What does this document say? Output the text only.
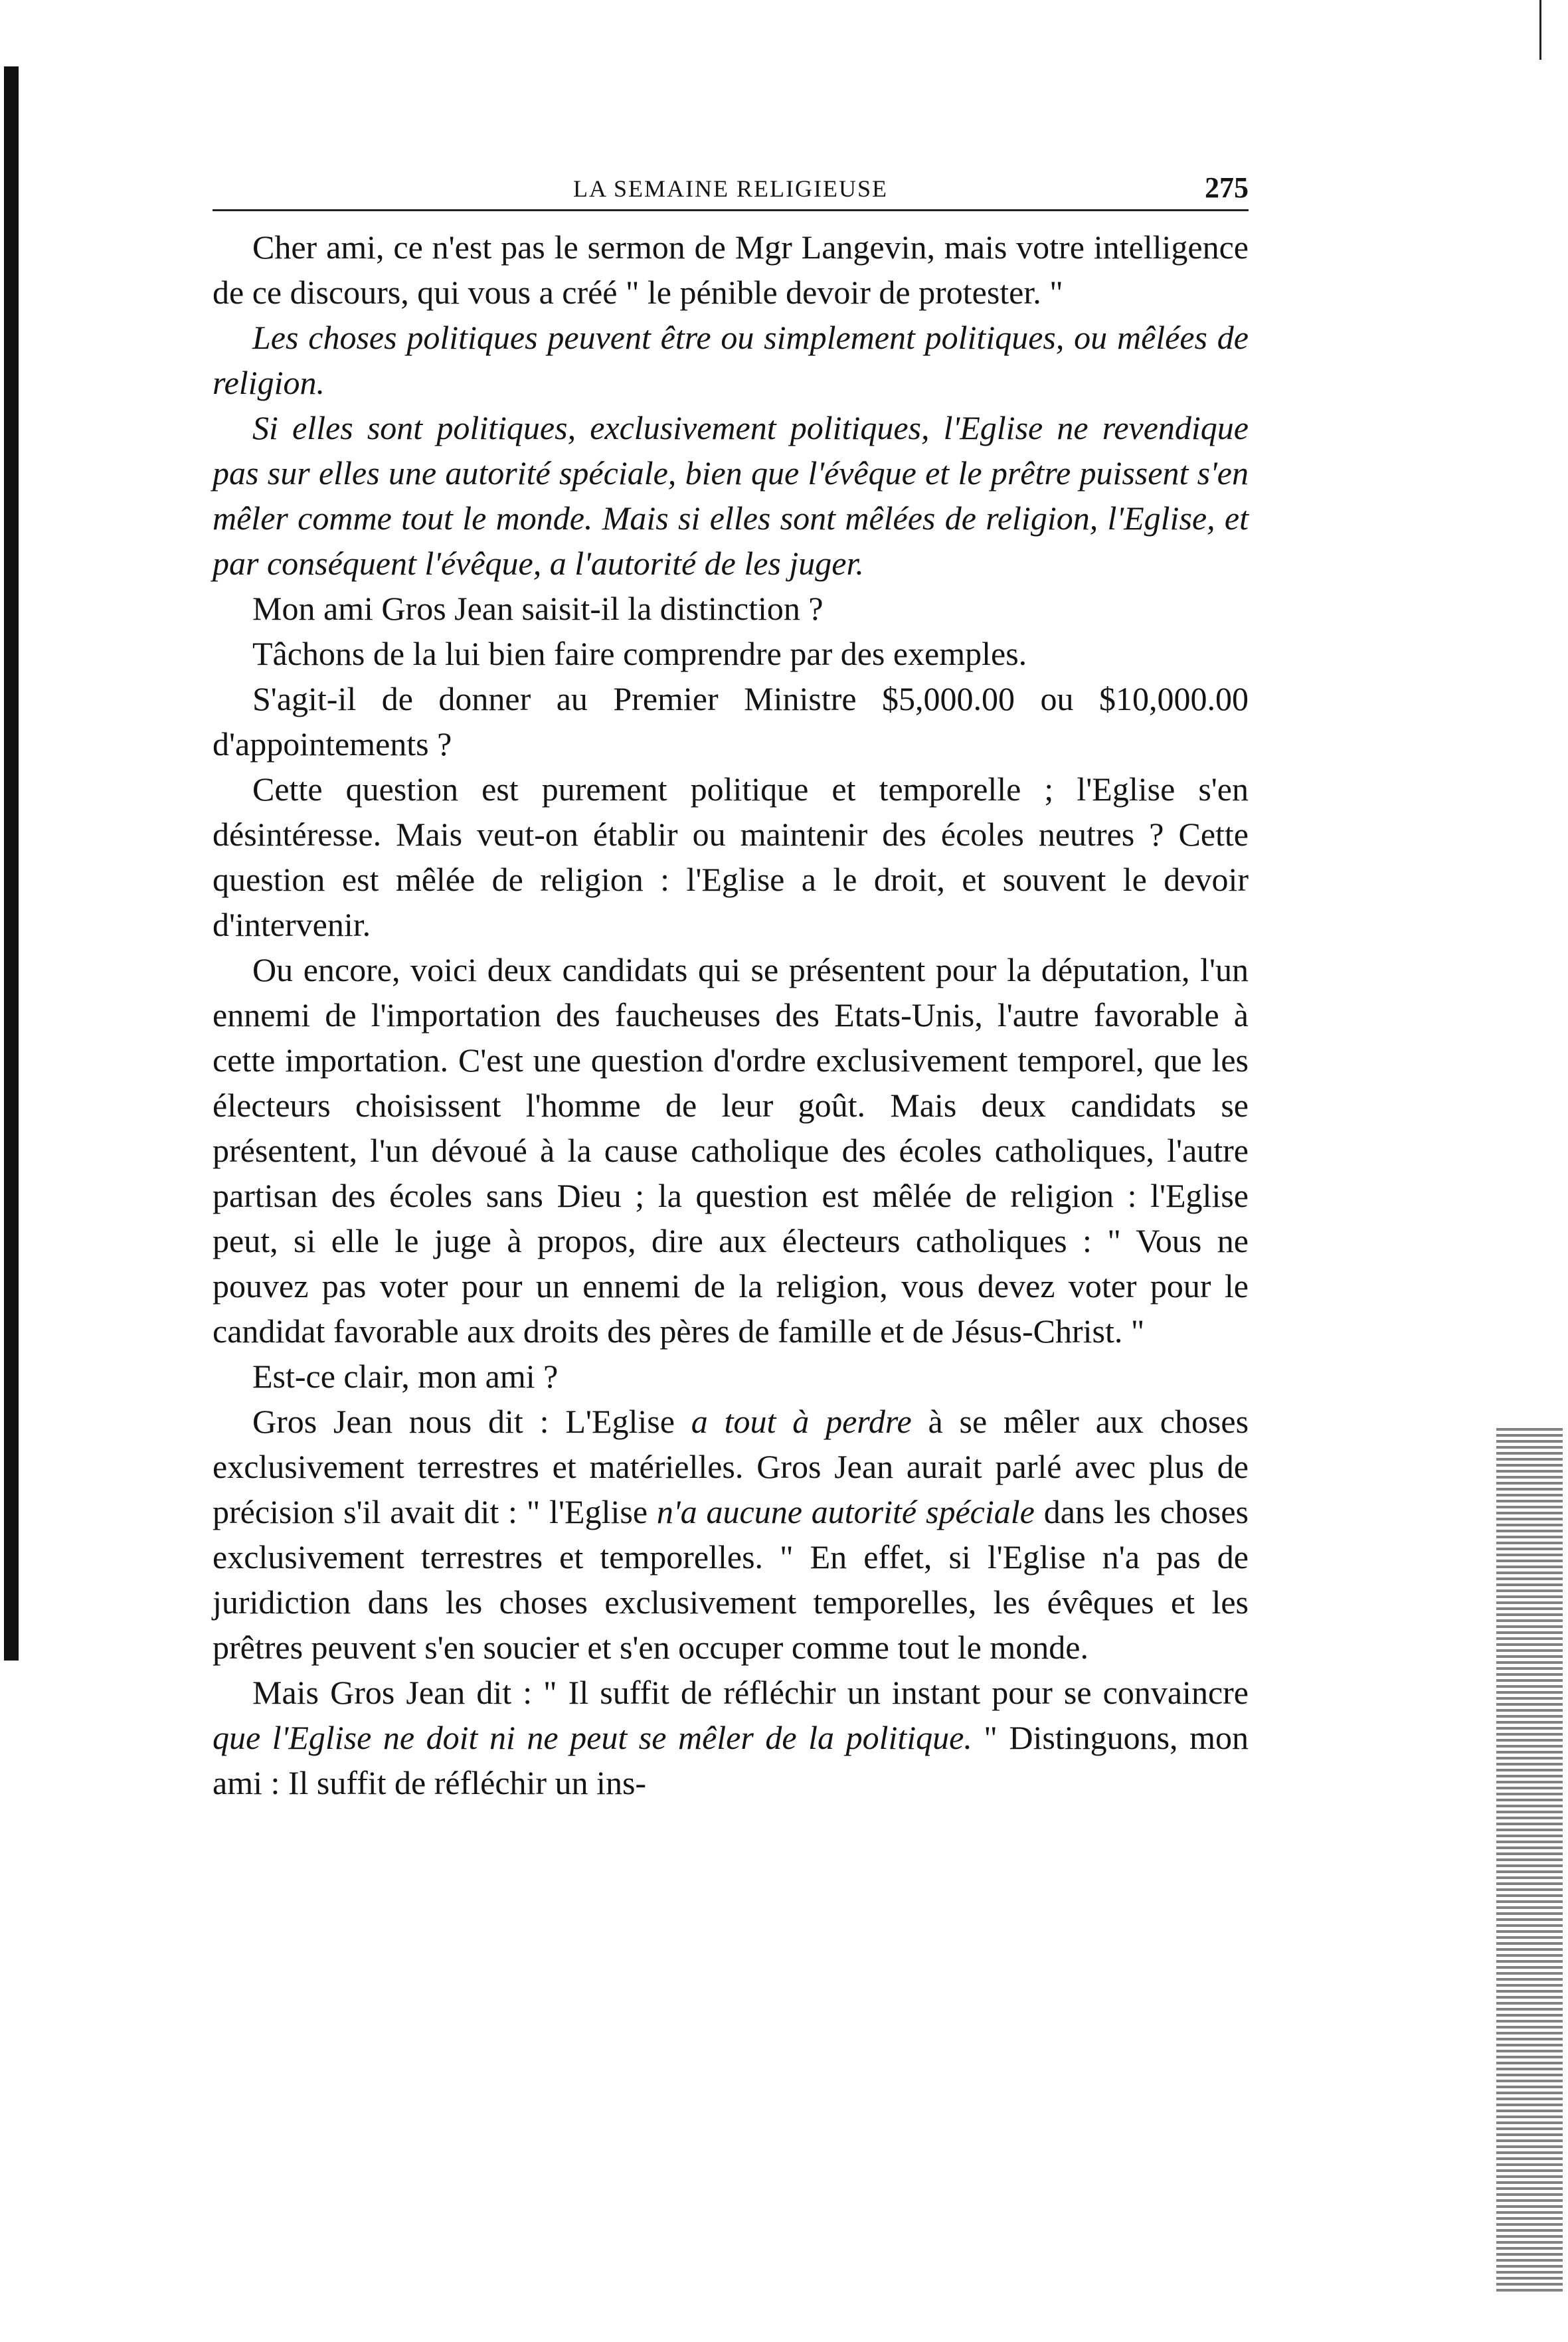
LA SEMAINE RELIGIEUSE	275

Cher ami, ce n'est pas le sermon de Mgr Langevin, mais votre intelligence de ce discours, qui vous a créé " le pénible devoir de protester. "

Les choses politiques peuvent être ou simplement politiques, ou mêlées de religion.

Si elles sont politiques, exclusivement politiques, l'Eglise ne revendique pas sur elles une autorité spéciale, bien que l'évêque et le prêtre puissent s'en mêler comme tout le monde. Mais si elles sont mêlées de religion, l'Eglise, et par conséquent l'évêque, a l'autorité de les juger.

Mon ami Gros Jean saisit-il la distinction ?

Tâchons de la lui bien faire comprendre par des exemples.

S'agit-il de donner au Premier Ministre $5,000.00 ou $10,000.00 d'appointements ?

Cette question est purement politique et temporelle ; l'Eglise s'en désintéresse. Mais veut-on établir ou maintenir des écoles neutres ? Cette question est mêlée de religion : l'Eglise a le droit, et souvent le devoir d'intervenir.

Ou encore, voici deux candidats qui se présentent pour la députation, l'un ennemi de l'importation des faucheuses des Etats-Unis, l'autre favorable à cette importation. C'est une question d'ordre exclusivement temporel, que les électeurs choisissent l'homme de leur goût. Mais deux candidats se présentent, l'un dévoué à la cause catholique des écoles catholiques, l'autre partisan des écoles sans Dieu ; la question est mêlée de religion : l'Eglise peut, si elle le juge à propos, dire aux électeurs catholiques : " Vous ne pouvez pas voter pour un ennemi de la religion, vous devez voter pour le candidat favorable aux droits des pères de famille et de Jésus-Christ. "

Est-ce clair, mon ami ?

Gros Jean nous dit : L'Eglise a tout à perdre à se mêler aux choses exclusivement terrestres et matérielles. Gros Jean aurait parlé avec plus de précision s'il avait dit : " l'Eglise n'a aucune autorité spéciale dans les choses exclusivement terrestres et temporelles. " En effet, si l'Eglise n'a pas de juridiction dans les choses exclusivement temporelles, les évêques et les prêtres peuvent s'en soucier et s'en occuper comme tout le monde.

Mais Gros Jean dit : " Il suffit de réfléchir un instant pour se convaincre que l'Eglise ne doit ni ne peut se mêler de la politique. " Distinguons, mon ami : Il suffit de réfléchir un ins-
